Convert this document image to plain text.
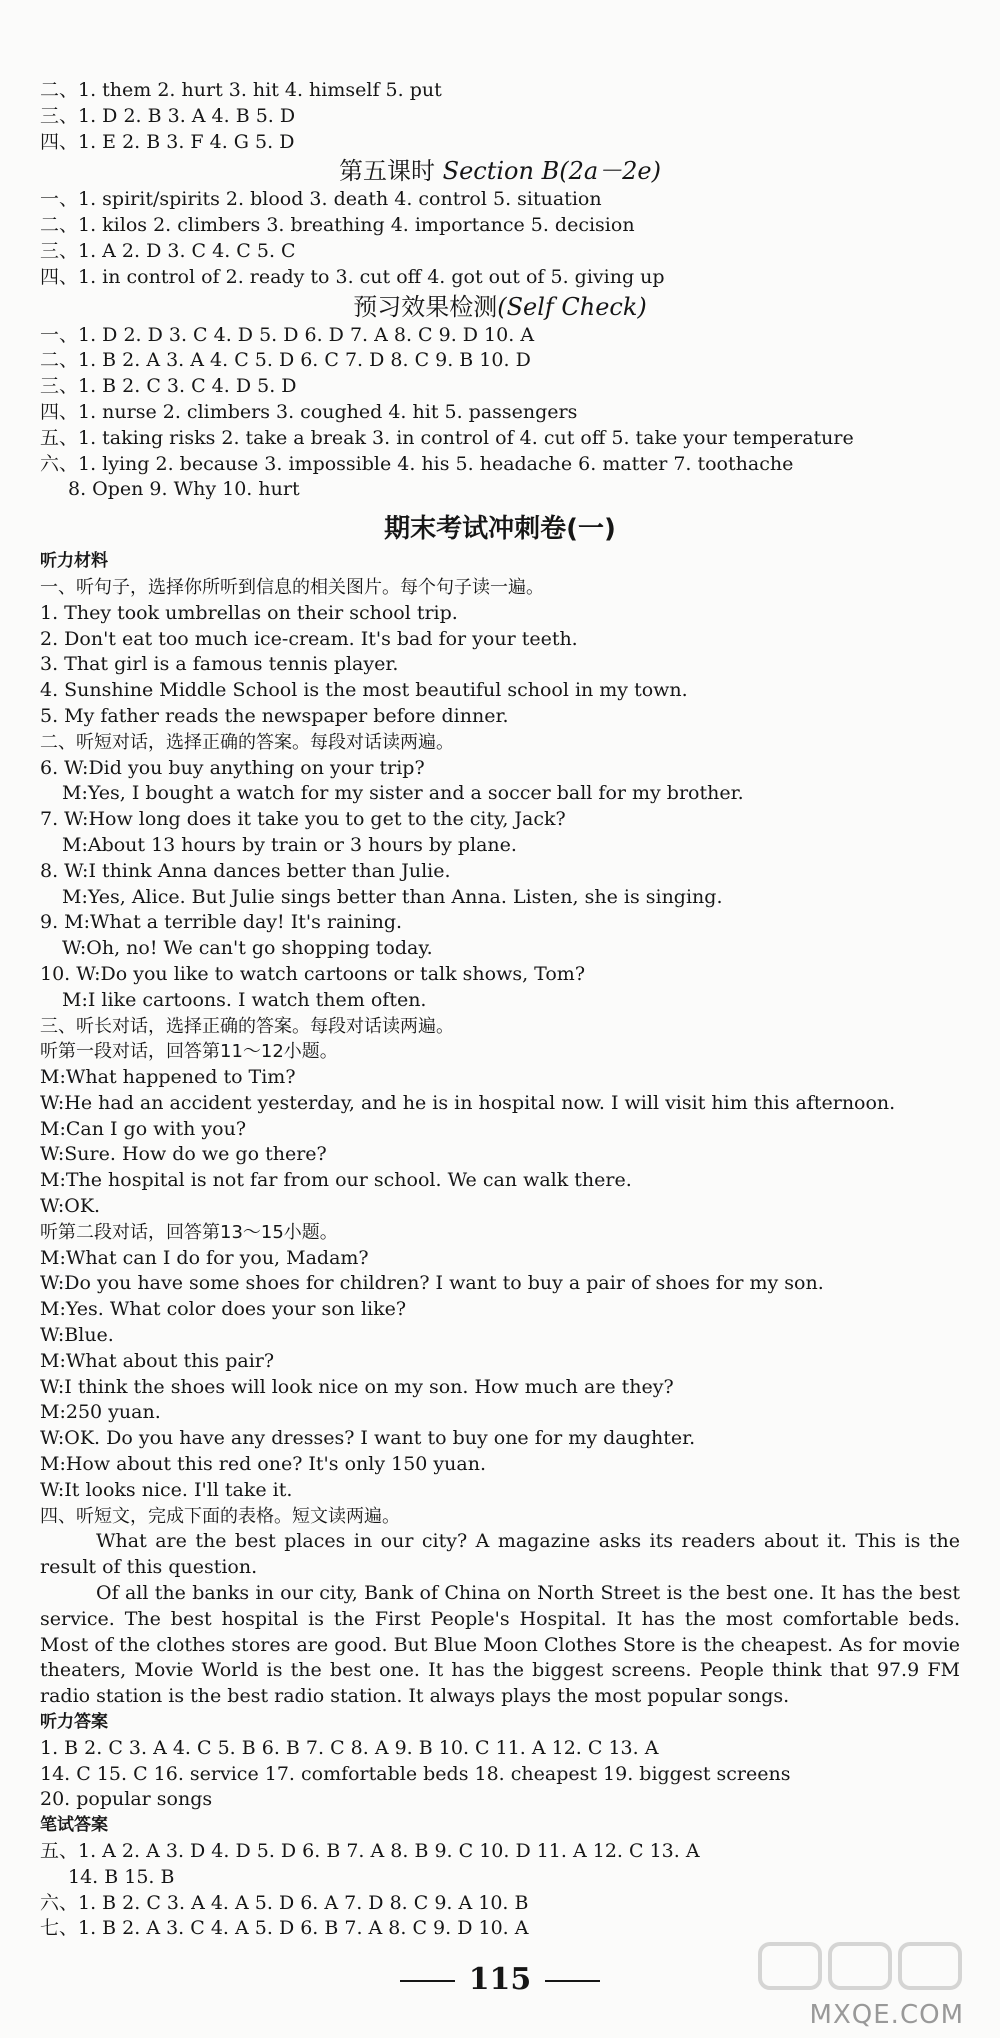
二、1. them 2. hurt 3. hit 4. himself 5. put
三、1. D 2. B 3. A 4. B 5. D
四、1. E 2. B 3. F 4. G 5. D
第五课时 Section B(2a－2e)
一、1. spirit/spirits 2. blood 3. death 4. control 5. situation
二、1. kilos 2. climbers 3. breathing 4. importance 5. decision
三、1. A 2. D 3. C 4. C 5. C
四、1. in control of 2. ready to 3. cut off 4. got out of 5. giving up
预习效果检测(Self Check)
一、1. D 2. D 3. C 4. D 5. D 6. D 7. A 8. C 9. D 10. A
二、1. B 2. A 3. A 4. C 5. D 6. C 7. D 8. C 9. B 10. D
三、1. B 2. C 3. C 4. D 5. D
四、1. nurse 2. climbers 3. coughed 4. hit 5. passengers
五、1. taking risks 2. take a break 3. in control of 4. cut off 5. take your temperature
六、1. lying 2. because 3. impossible 4. his 5. headache 6. matter 7. toothache
8. Open 9. Why 10. hurt
期末考试冲刺卷(一)
听力材料
一、听句子，选择你所听到信息的相关图片。每个句子读一遍。
1. They took umbrellas on their school trip.
2. Don't eat too much ice-cream. It's bad for your teeth.
3. That girl is a famous tennis player.
4. Sunshine Middle School is the most beautiful school in my town.
5. My father reads the newspaper before dinner.
二、听短对话，选择正确的答案。每段对话读两遍。
6. W:Did you buy anything on your trip?
M:Yes, I bought a watch for my sister and a soccer ball for my brother.
7. W:How long does it take you to get to the city, Jack?
M:About 13 hours by train or 3 hours by plane.
8. W:I think Anna dances better than Julie.
M:Yes, Alice. But Julie sings better than Anna. Listen, she is singing.
9. M:What a terrible day! It's raining.
W:Oh, no! We can't go shopping today.
10. W:Do you like to watch cartoons or talk shows, Tom?
M:I like cartoons. I watch them often.
三、听长对话，选择正确的答案。每段对话读两遍。
听第一段对话，回答第11～12小题。
M:What happened to Tim?
W:He had an accident yesterday, and he is in hospital now. I will visit him this afternoon.
M:Can I go with you?
W:Sure. How do we go there?
M:The hospital is not far from our school. We can walk there.
W:OK.
听第二段对话，回答第13～15小题。
M:What can I do for you, Madam?
W:Do you have some shoes for children? I want to buy a pair of shoes for my son.
M:Yes. What color does your son like?
W:Blue.
M:What about this pair?
W:I think the shoes will look nice on my son. How much are they?
M:250 yuan.
W:OK. Do you have any dresses? I want to buy one for my daughter.
M:How about this red one? It's only 150 yuan.
W:It looks nice. I'll take it.
四、听短文，完成下面的表格。短文读两遍。
What are the best places in our city? A magazine asks its readers about it. This is the result of this question.
Of all the banks in our city, Bank of China on North Street is the best one. It has the best service. The best hospital is the First People's Hospital. It has the most comfortable beds. Most of the clothes stores are good. But Blue Moon Clothes Store is the cheapest. As for movie theaters, Movie World is the best one. It has the biggest screens. People think that 97.9 FM radio station is the best radio station. It always plays the most popular songs.
听力答案
1. B 2. C 3. A 4. C 5. B 6. B 7. C 8. A 9. B 10. C 11. A 12. C 13. A
14. C 15. C 16. service 17. comfortable beds 18. cheapest 19. biggest screens
20. popular songs
笔试答案
五、1. A 2. A 3. D 4. D 5. D 6. B 7. A 8. B 9. C 10. D 11. A 12. C 13. A
14. B 15. B
六、1. B 2. C 3. A 4. A 5. D 6. A 7. D 8. C 9. A 10. B
七、1. B 2. A 3. C 4. A 5. D 6. B 7. A 8. C 9. D 10. A
115
MXQE.COM
